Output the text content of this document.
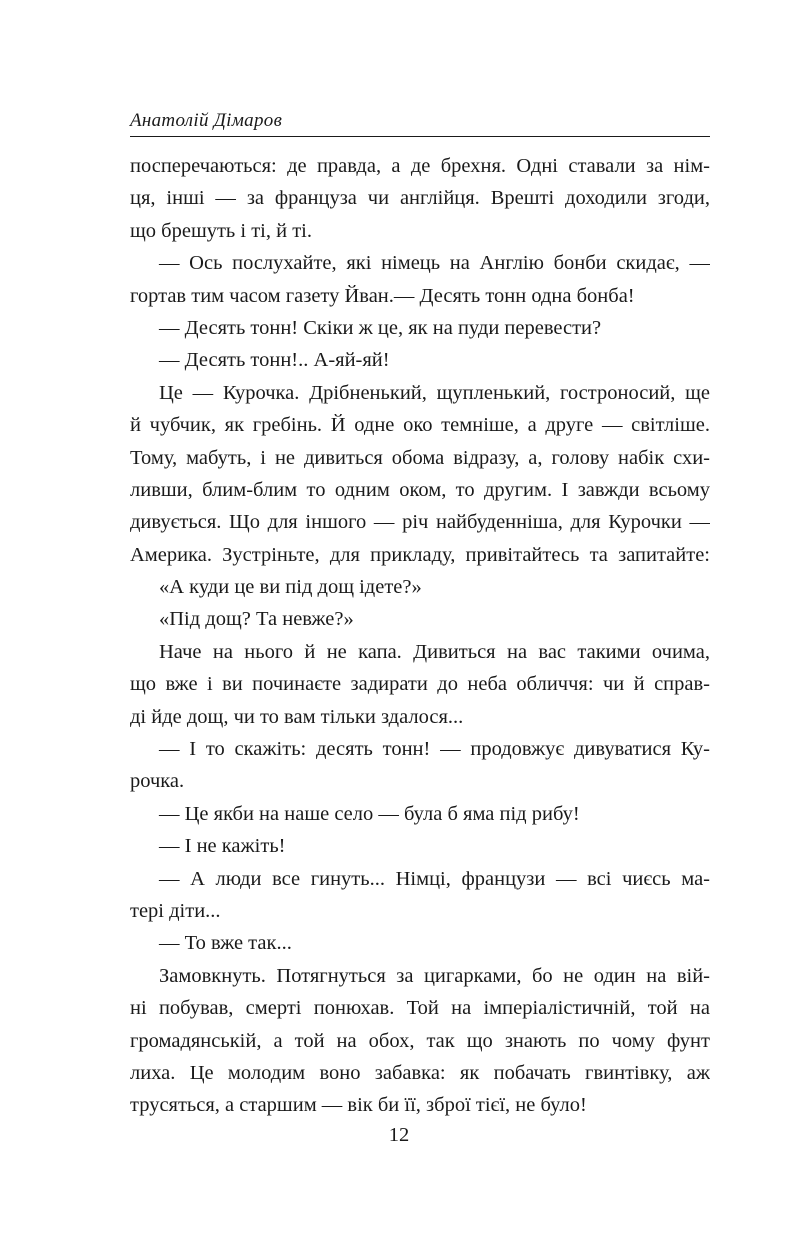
Анатолій Дімаров
посперечаються: де правда, а де брехня. Одні ставали за нім-
ця, інші — за француза чи англійця. Врешті доходили згоди,
що брешуть і ті, й ті.
— Ось послухайте, які німець на Англію бонби скидає, —
гортав тим часом газету Йван.— Десять тонн одна бонба!
— Десять тонн! Скіки ж це, як на пуди перевести?
— Десять тонн!.. А-яй-яй!
Це — Курочка. Дрібненький, щупленький, гостроносий, ще
й чубчик, як гребінь. Й одне око темніше, а друге — світліше.
Тому, мабуть, і не дивиться обома відразу, а, голову набік схи-
ливши, блим-блим то одним оком, то другим. І завжди всьому
дивується. Що для іншого — річ найбуденніша, для Курочки —
Америка. Зустріньте, для прикладу, привітайтесь та запитайте:
«А куди це ви під дощ ідете?»
«Під дощ? Та невже?»
Наче на нього й не капа. Дивиться на вас такими очима,
що вже і ви починаєте задирати до неба обличчя: чи й справ-
ді йде дощ, чи то вам тільки здалося...
— І то скажіть: десять тонн! — продовжує дивуватися Ку-
рочка.
— Це якби на наше село — була б яма під рибу!
— І не кажіть!
— А люди все гинуть... Німці, французи — всі чиєсь ма-
тері діти...
— То вже так...
Замовкнуть. Потягнуться за цигарками, бо не один на вій-
ні побував, смерті понюхав. Той на імперіалістичній, той на
громадянській, а той на обох, так що знають по чому фунт
лиха. Це молодим воно забавка: як побачать гвинтівку, аж
трусяться, а старшим — вік би її, зброї тієї, не було!
12
